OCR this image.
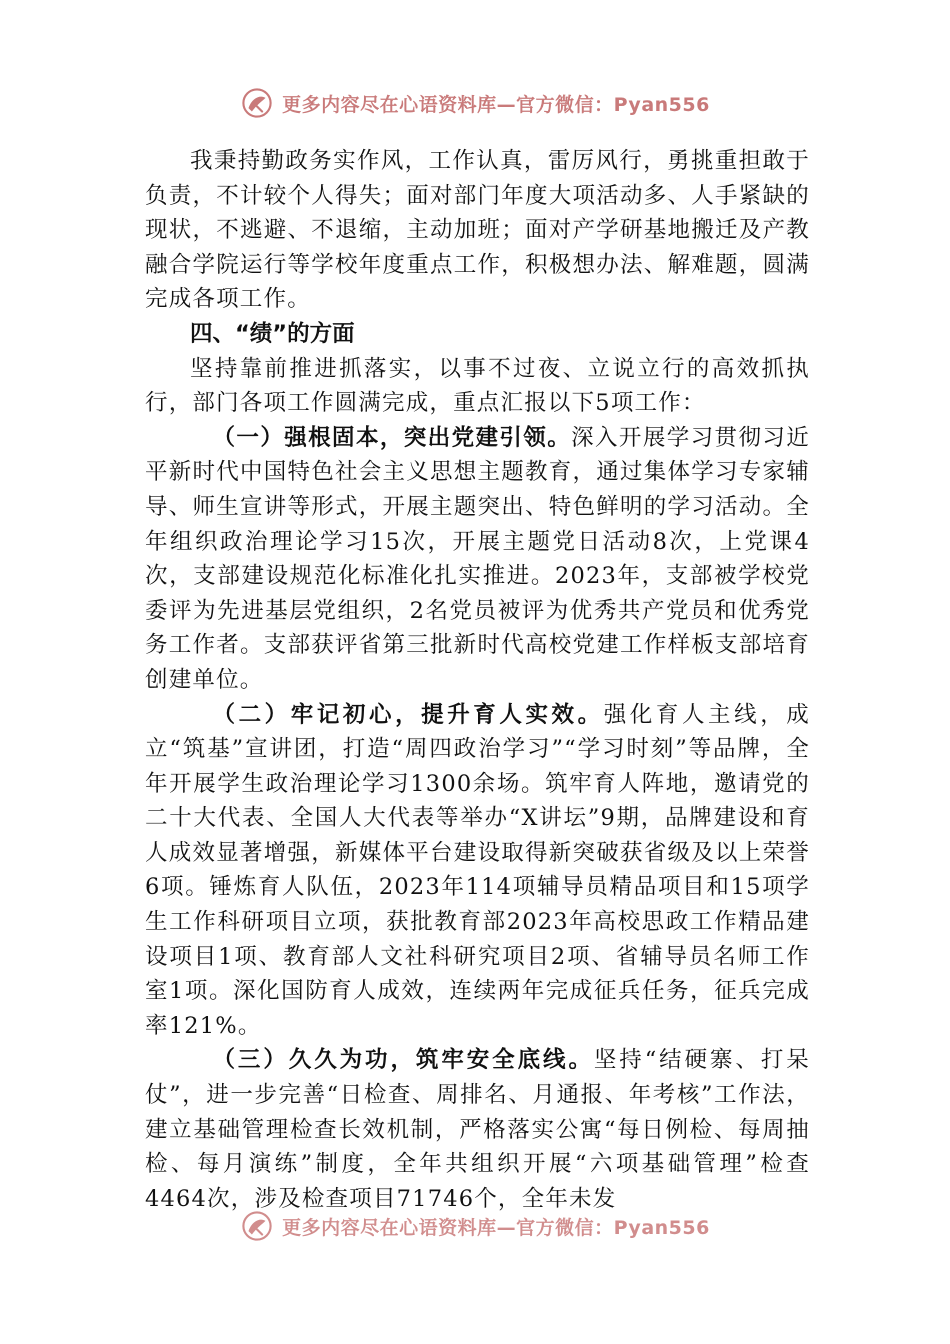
更多内容尽在心语资料库—官方微信：Pyan556

我秉持勤政务实作风，工作认真，雷厉风行，勇挑重担敢于负责，不计较个人得失；面对部门年度大项活动多、人手紧缺的现状，不逃避、不退缩，主动加班；面对产学研基地搬迁及产教融合学院运行等学校年度重点工作，积极想办法、解难题，圆满完成各项工作。

四、“绩”的方面

坚持靠前推进抓落实，以事不过夜、立说立行的高效抓执行，部门各项工作圆满完成，重点汇报以下5项工作：

（一）强根固本，突出党建引领。深入开展学习贯彻习近平新时代中国特色社会主义思想主题教育，通过集体学习专家辅导、师生宣讲等形式，开展主题突出、特色鲜明的学习活动。全年组织政治理论学习15次，开展主题党日活动8次，上党课4次，支部建设规范化标准化扎实推进。2023年，支部被学校党委评为先进基层党组织，2名党员被评为优秀共产党员和优秀党务工作者。支部获评省第三批新时代高校党建工作样板支部培育创建单位。

（二）牢记初心，提升育人实效。强化育人主线，成立“筑基”宣讲团，打造“周四政治学习”“学习时刻”等品牌，全年开展学生政治理论学习1300余场。筑牢育人阵地，邀请党的二十大代表、全国人大代表等举办“X讲坛”9期，品牌建设和育人成效显著增强，新媒体平台建设取得新突破获省级及以上荣誉6项。锤炼育人队伍，2023年114项辅导员精品项目和15项学生工作科研项目立项，获批教育部2023年高校思政工作精品建设项目1项、教育部人文社科研究项目2项、省辅导员名师工作室1项。深化国防育人成效，连续两年完成征兵任务，征兵完成率121%。

（三）久久为功，筑牢安全底线。坚持“结硬寨、打呆仗”，进一步完善“日检查、周排名、月通报、年考核”工作法，建立基础管理检查长效机制，严格落实公寓“每日例检、每周抽检、每月演练”制度，全年共组织开展“六项基础管理”检查4464次，涉及检查项目71746个，全年未发

更多内容尽在心语资料库—官方微信：Pyan556
